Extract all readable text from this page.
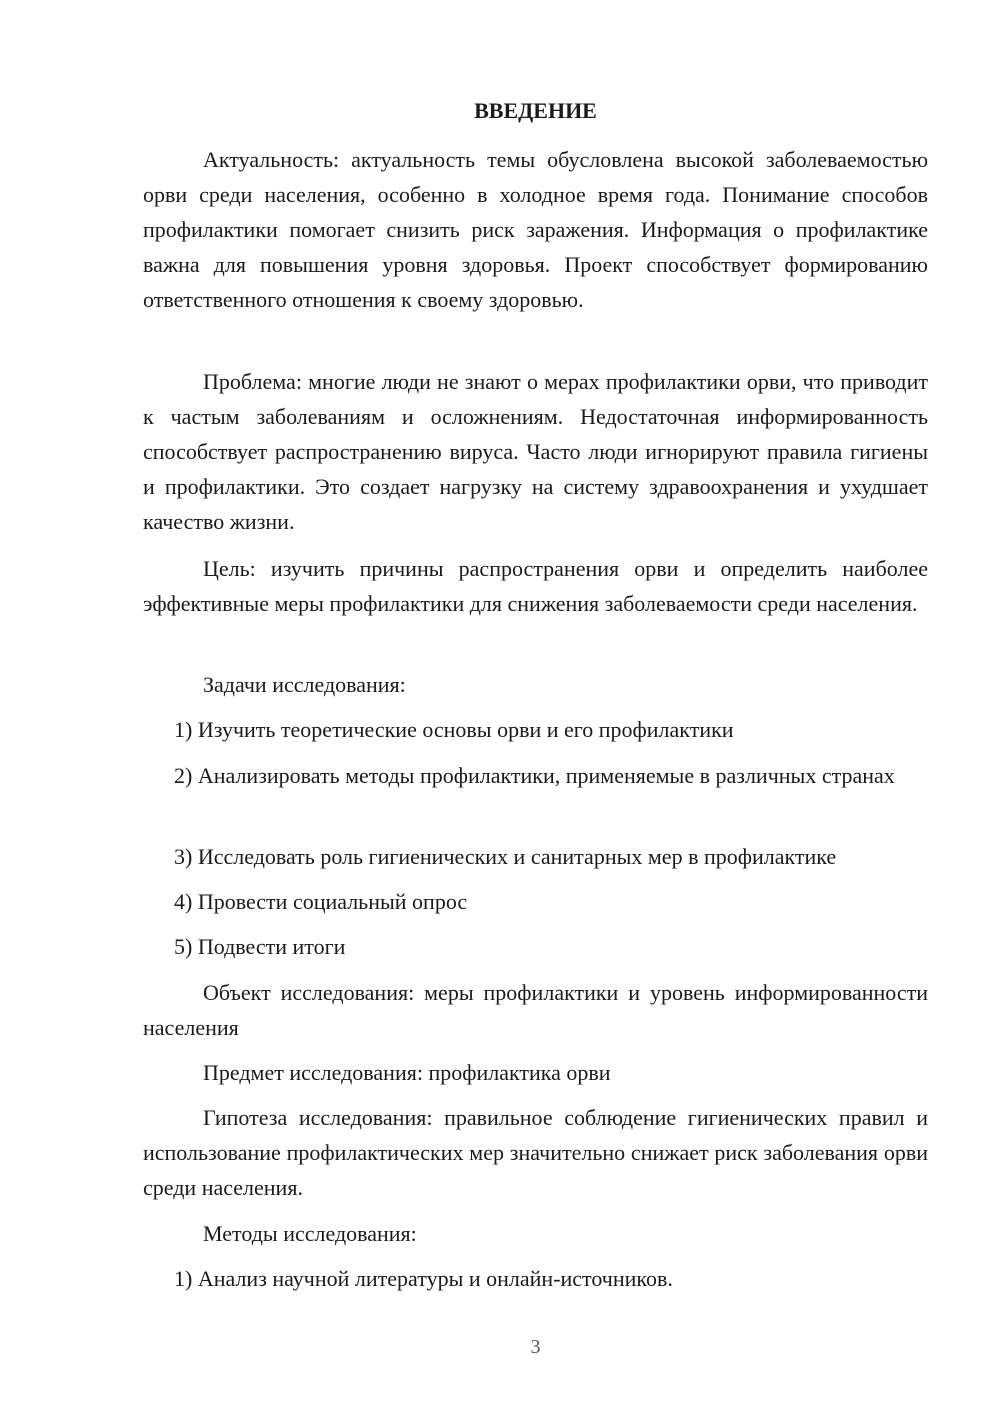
ВВЕДЕНИЕ

Актуальность: актуальность темы обусловлена высокой заболеваемостью орви среди населения, особенно в холодное время года. Понимание способов профилактики помогает снизить риск заражения. Информация о профилактике важна для повышения уровня здоровья. Проект способствует формированию ответственного отношения к своему здоровью.

Проблема: многие люди не знают о мерах профилактики орви, что приводит к частым заболеваниям и осложнениям. Недостаточная информированность способствует распространению вируса. Часто люди игнорируют правила гигиены и профилактики. Это создает нагрузку на систему здравоохранения и ухудшает качество жизни.

Цель: изучить причины распространения орви и определить наиболее эффективные меры профилактики для снижения заболеваемости среди населения.

Задачи исследования:

1) Изучить теоретические основы орви и его профилактики

2) Анализировать методы профилактики, применяемые в различных странах

3) Исследовать роль гигиенических и санитарных мер в профилактике

4) Провести социальный опрос

5) Подвести итоги

Объект исследования: меры профилактики и уровень информированности населения

Предмет исследования: профилактика орви

Гипотеза исследования: правильное соблюдение гигиенических правил и использование профилактических мер значительно снижает риск заболевания орви среди населения.

Методы исследования:

1) Анализ научной литературы и онлайн-источников.

3
